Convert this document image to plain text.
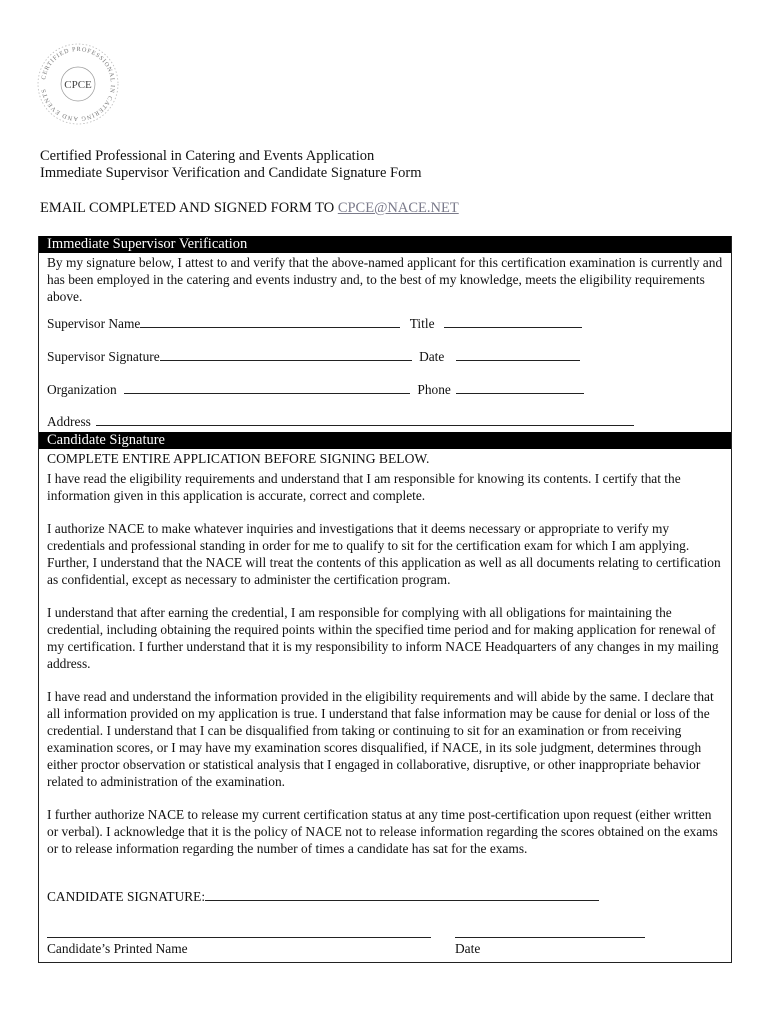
CERTIFIED PROFESSIONAL IN CATERING AND EVENTS	CPCE
Certified Professional in Catering and Events Application
Immediate Supervisor Verification and Candidate Signature Form
EMAIL COMPLETED AND SIGNED FORM TO CPCE@NACE.NET
Immediate Supervisor Verification

By my signature below, I attest to and verify that the above-named applicant for this certification examination is currently and has been employed in the catering and events industry and, to the best of my knowledge, meets the eligibility requirements above.

Supervisor Name	Title
Supervisor Signature	Date
Organization	Phone
Address
Candidate Signature

COMPLETE ENTIRE APPLICATION BEFORE SIGNING BELOW.

I have read the eligibility requirements and understand that I am responsible for knowing its contents. I certify that the information given in this application is accurate, correct and complete.

I authorize NACE to make whatever inquiries and investigations that it deems necessary or appropriate to verify my credentials and professional standing in order for me to qualify to sit for the certification exam for which I am applying. Further, I understand that the NACE will treat the contents of this application as well as all documents relating to certification as confidential, except as necessary to administer the certification program.

I understand that after earning the credential, I am responsible for complying with all obligations for maintaining the credential, including obtaining the required points within the specified time period and for making application for renewal of my certification. I further understand that it is my responsibility to inform NACE Headquarters of any changes in my mailing address.

I have read and understand the information provided in the eligibility requirements and will abide by the same. I declare that all information provided on my application is true. I understand that false information may be cause for denial or loss of the credential. I understand that I can be disqualified from taking or continuing to sit for an examination or from receiving examination scores, or I may have my examination scores disqualified, if NACE, in its sole judgment, determines through either proctor observation or statistical analysis that I engaged in collaborative, disruptive, or other inappropriate behavior related to administration of the examination.

I further authorize NACE to release my current certification status at any time post-certification upon request (either written or verbal). I acknowledge that it is the policy of NACE not to release information regarding the scores obtained on the exams or to release information regarding the number of times a candidate has sat for the exams.

CANDIDATE SIGNATURE:
Candidate’s Printed Name	Date
